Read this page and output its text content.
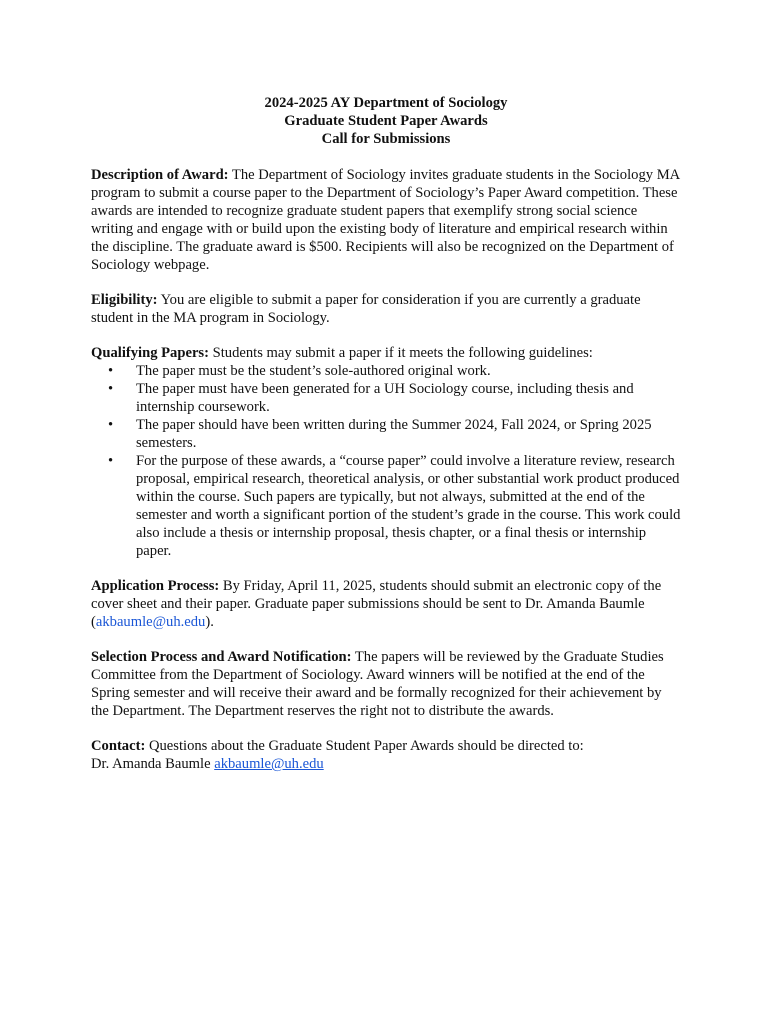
2024-2025 AY Department of Sociology
Graduate Student Paper Awards
Call for Submissions

Description of Award: The Department of Sociology invites graduate students in the Sociology MA program to submit a course paper to the Department of Sociology’s Paper Award competition. These awards are intended to recognize graduate student papers that exemplify strong social science writing and engage with or build upon the existing body of literature and empirical research within the discipline. The graduate award is $500. Recipients will also be recognized on the Department of Sociology webpage.

Eligibility: You are eligible to submit a paper for consideration if you are currently a graduate student in the MA program in Sociology.

Qualifying Papers: Students may submit a paper if it meets the following guidelines:
• The paper must be the student’s sole-authored original work.
• The paper must have been generated for a UH Sociology course, including thesis and internship coursework.
• The paper should have been written during the Summer 2024, Fall 2024, or Spring 2025 semesters.
• For the purpose of these awards, a “course paper” could involve a literature review, research proposal, empirical research, theoretical analysis, or other substantial work product produced within the course. Such papers are typically, but not always, submitted at the end of the semester and worth a significant portion of the student’s grade in the course. This work could also include a thesis or internship proposal, thesis chapter, or a final thesis or internship paper.

Application Process: By Friday, April 11, 2025, students should submit an electronic copy of the cover sheet and their paper. Graduate paper submissions should be sent to Dr. Amanda Baumle (akbaumle@uh.edu).

Selection Process and Award Notification: The papers will be reviewed by the Graduate Studies Committee from the Department of Sociology. Award winners will be notified at the end of the Spring semester and will receive their award and be formally recognized for their achievement by the Department. The Department reserves the right not to distribute the awards.

Contact: Questions about the Graduate Student Paper Awards should be directed to:
Dr. Amanda Baumle akbaumle@uh.edu
